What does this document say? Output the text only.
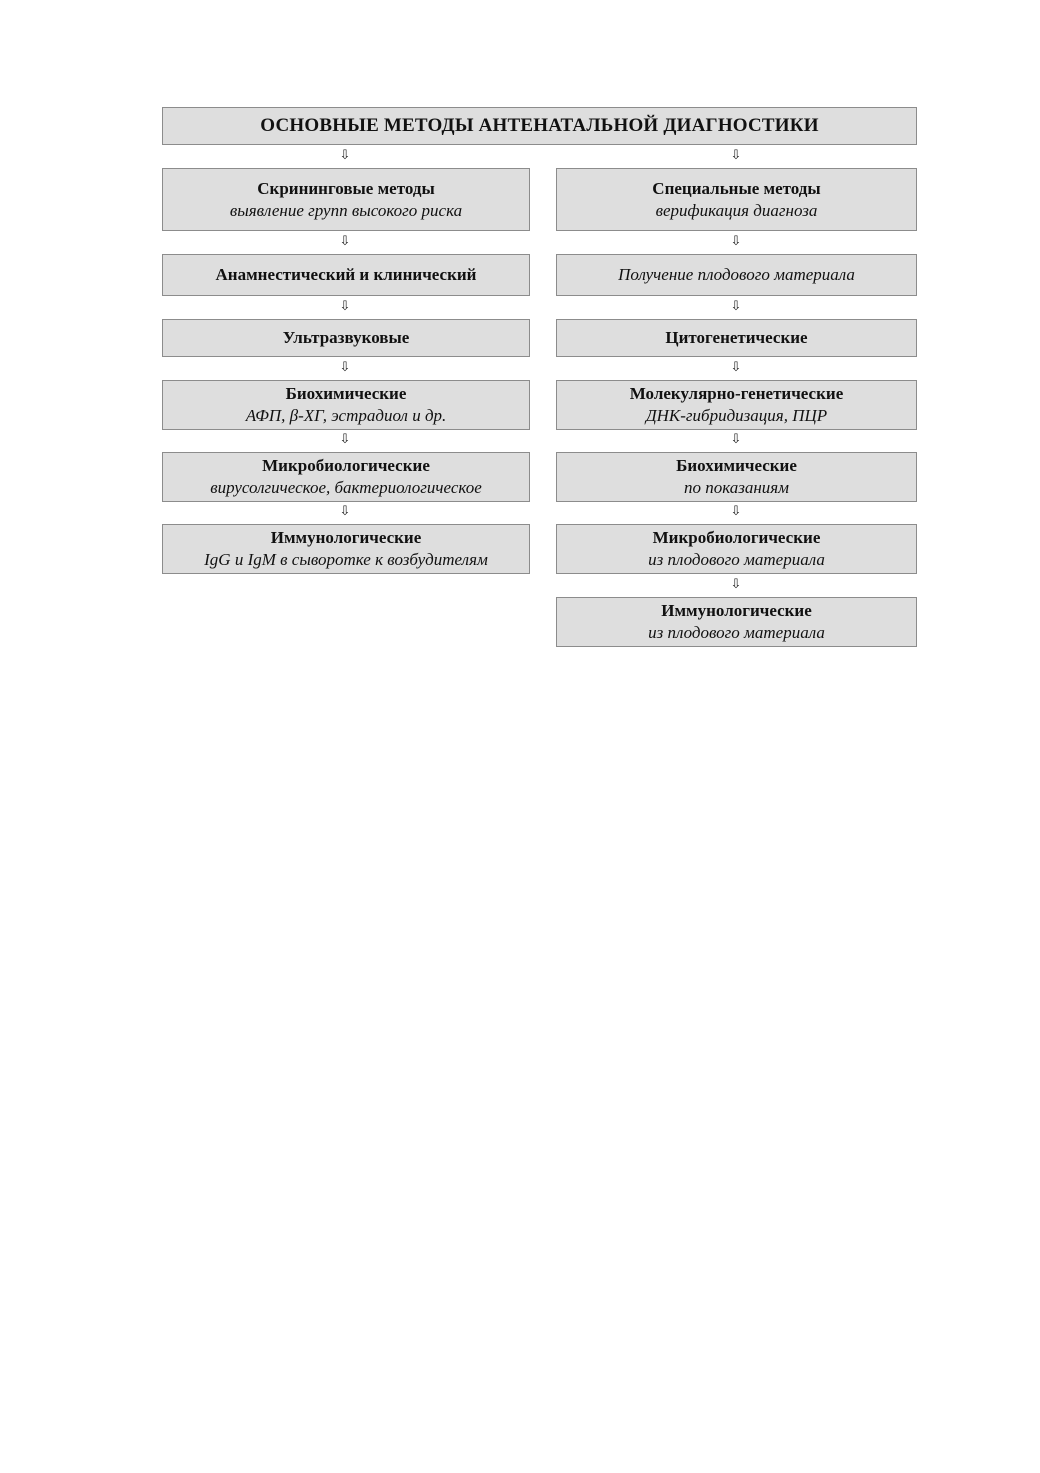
ОСНОВНЫЕ МЕТОДЫ АНТЕНАТАЛЬНОЙ ДИАГНОСТИКИ
⇩	⇩
Скрининговые методы
выявление групп высокого риска
⇩
Анамнестический и клинический
⇩
Ультразвуковые
⇩
Биохимические
АФП, β-ХГ, эстрадиол и др.
⇩
Микробиологические
вирусолгическое, бактериологическое
⇩
Иммунологические
IgG и IgM в сыворотке к возбудителям
Специальные методы
верификация диагноза
⇩
Получение плодового материала
⇩
Цитогенетические
⇩
Молекулярно-генетические
ДНК-гибридизация, ПЦР
⇩
Биохимические
по показаниям
⇩
Микробиологические
из плодового материала
⇩
Иммунологические
из плодового материала
